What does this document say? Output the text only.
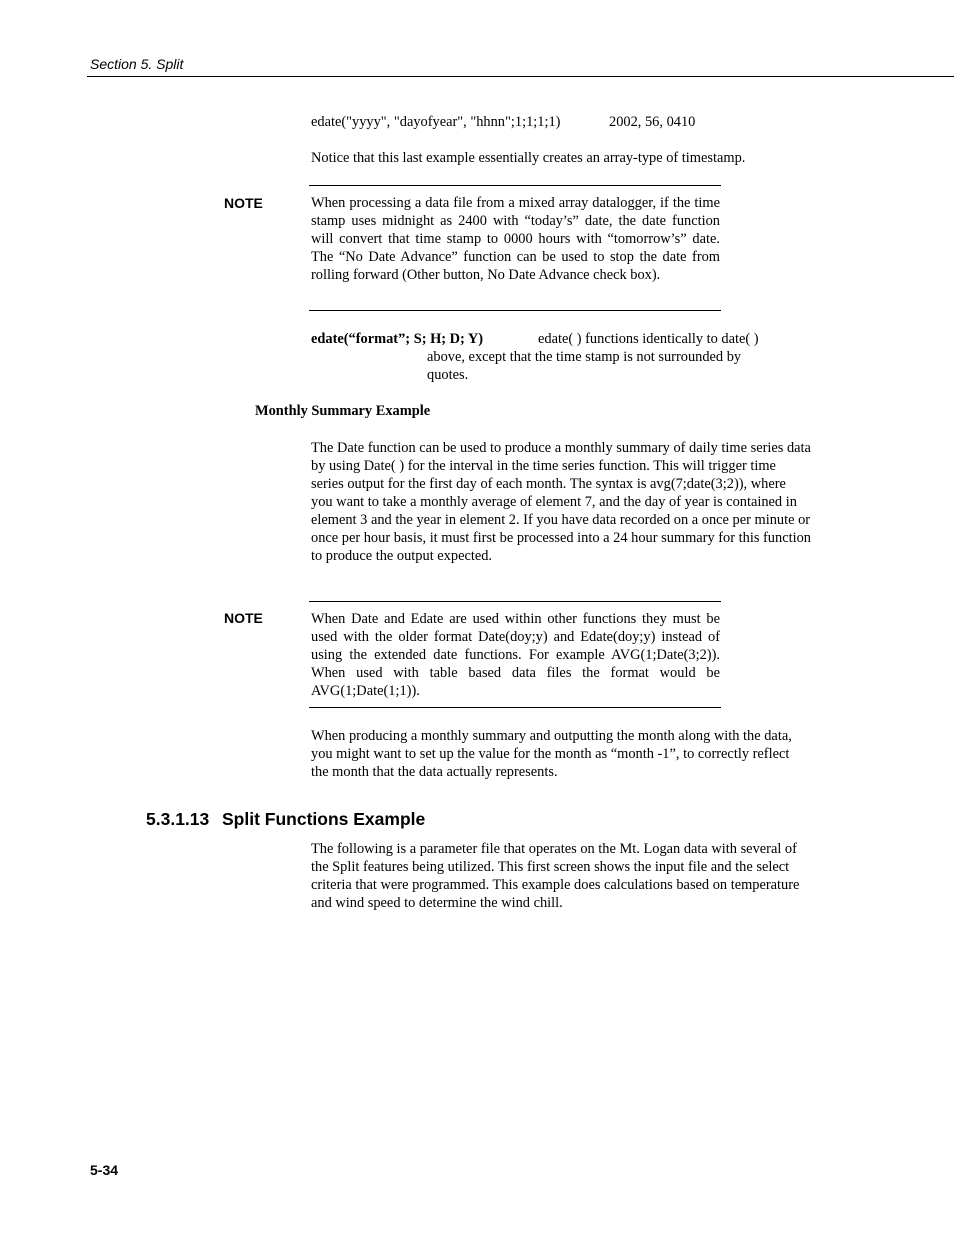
Section 5. Split
edate("yyyy", "dayofyear", "hhnn";1;1;1;1)	2002, 56, 0410
Notice that this last example essentially creates an array-type of timestamp.
NOTE	When processing a data file from a mixed array datalogger, if the time stamp uses midnight as 2400 with “today’s” date, the date function will convert that time stamp to 0000 hours with “tomorrow’s” date. The “No Date Advance” function can be used to stop the date from rolling forward (Other button, No Date Advance check box).
edate(“format”; S; H; D; Y)	edate( ) functions identically to date( )
above, except that the time stamp is not surrounded by quotes.
Monthly Summary Example
The Date function can be used to produce a monthly summary of daily time series data by using Date( ) for the interval in the time series function. This will trigger time series output for the first day of each month. The syntax is avg(7;date(3;2)), where you want to take a monthly average of element 7, and the day of year is contained in element 3 and the year in element 2. If you have data recorded on a once per minute or once per hour basis, it must first be processed into a 24 hour summary for this function to produce the output expected.
NOTE	When Date and Edate are used within other functions they must be used with the older format Date(doy;y) and Edate(doy;y) instead of using the extended date functions. For example AVG(1;Date(3;2)). When used with table based data files the format would be AVG(1;Date(1;1)).
When producing a monthly summary and outputting the month along with the data, you might want to set up the value for the month as “month -1”, to correctly reflect the month that the data actually represents.
5.3.1.13 Split Functions Example
The following is a parameter file that operates on the Mt. Logan data with several of the Split features being utilized. This first screen shows the input file and the select criteria that were programmed. This example does calculations based on temperature and wind speed to determine the wind chill.
5-34
